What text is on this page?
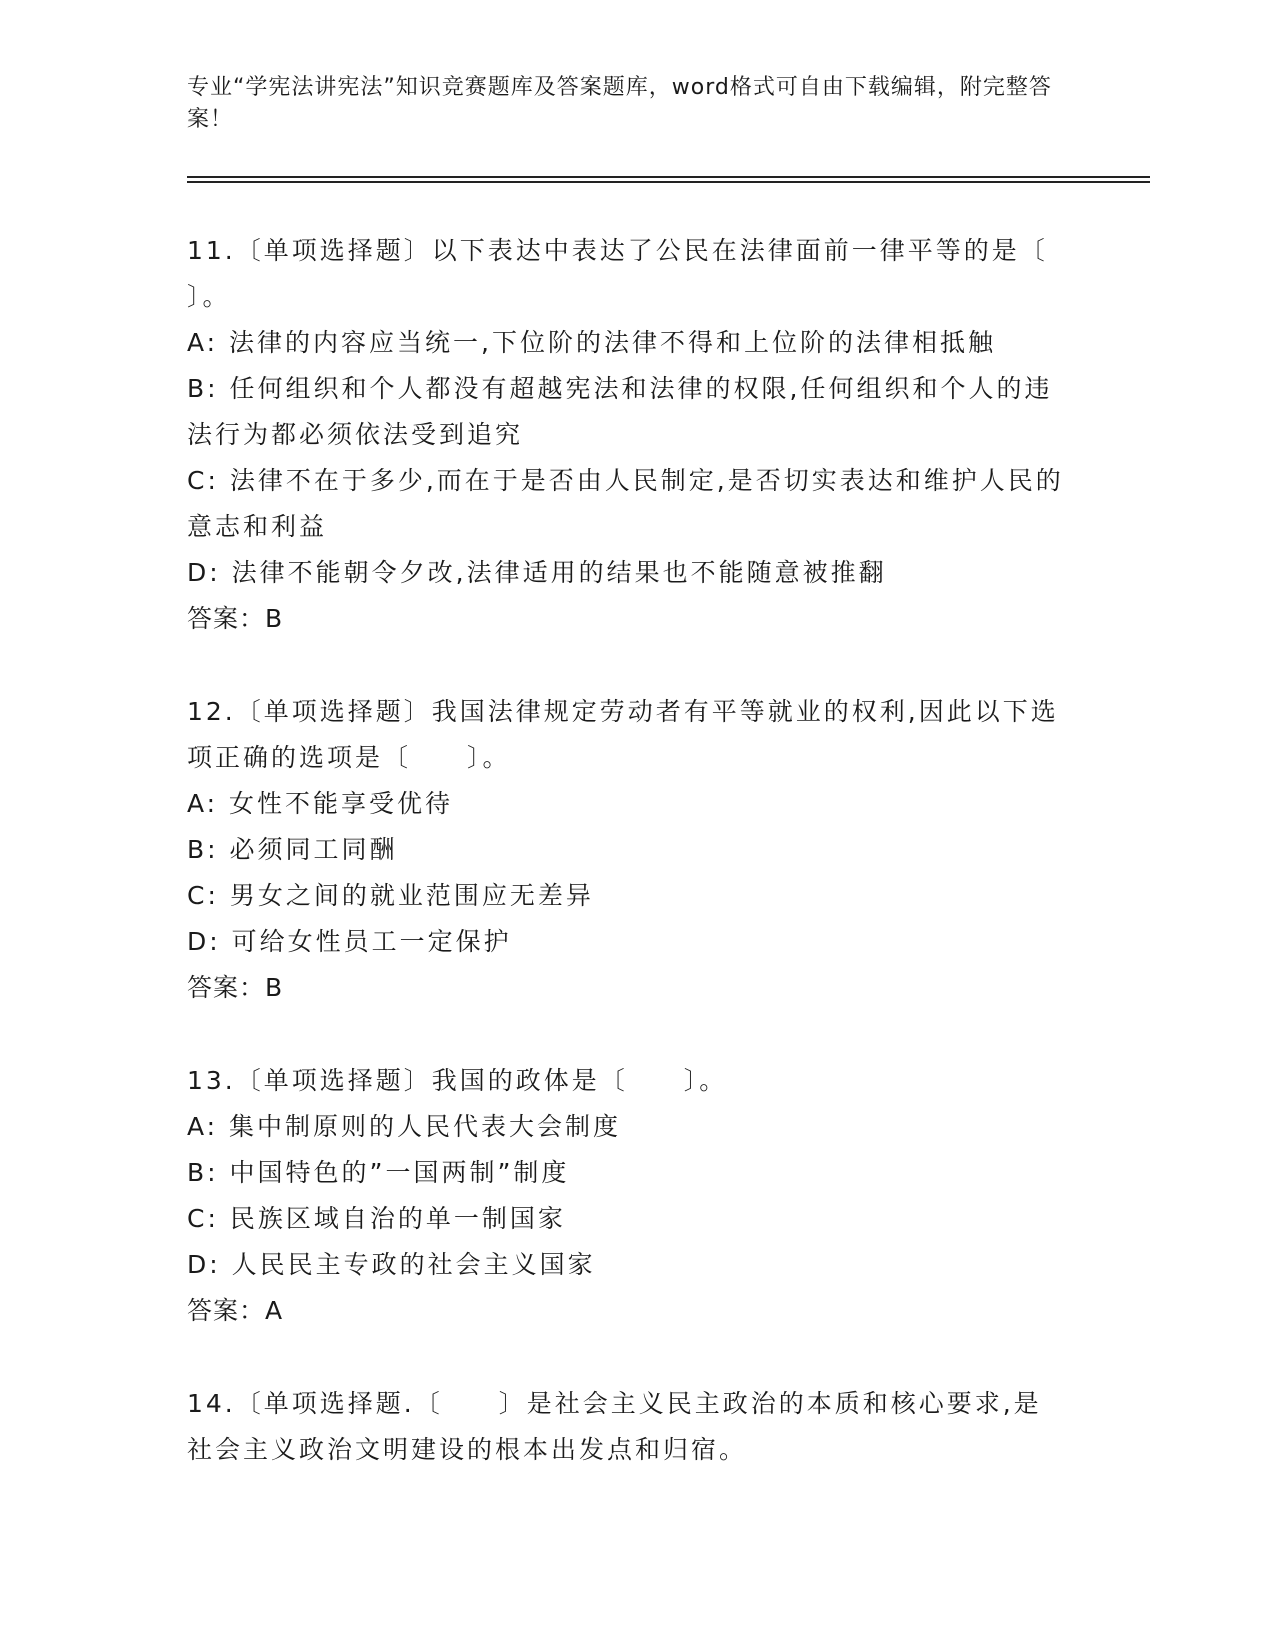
专业“学宪法讲宪法”知识竞赛题库及答案题库，word格式可自由下载编辑，附完整答案！

11.〔单项选择题〕以下表达中表达了公民在法律面前一律平等的是〔 〕。

A: 法律的内容应当统一,下位阶的法律不得和上位阶的法律相抵触

B: 任何组织和个人都没有超越宪法和法律的权限,任何组织和个人的违法行为都必须依法受到追究

C: 法律不在于多少,而在于是否由人民制定,是否切实表达和维护人民的意志和利益

D: 法律不能朝令夕改,法律适用的结果也不能随意被推翻

答案：B

12.〔单项选择题〕我国法律规定劳动者有平等就业的权利,因此以下选项正确的选项是〔　　〕。

A: 女性不能享受优待

B: 必须同工同酬

C: 男女之间的就业范围应无差异

D: 可给女性员工一定保护

答案：B

13.〔单项选择题〕我国的政体是〔　　〕。

A: 集中制原则的人民代表大会制度

B: 中国特色的”一国两制”制度

C: 民族区域自治的单一制国家

D: 人民民主专政的社会主义国家

答案：A

14.〔单项选择题.〔　　〕是社会主义民主政治的本质和核心要求,是社会主义政治文明建设的根本出发点和归宿。
